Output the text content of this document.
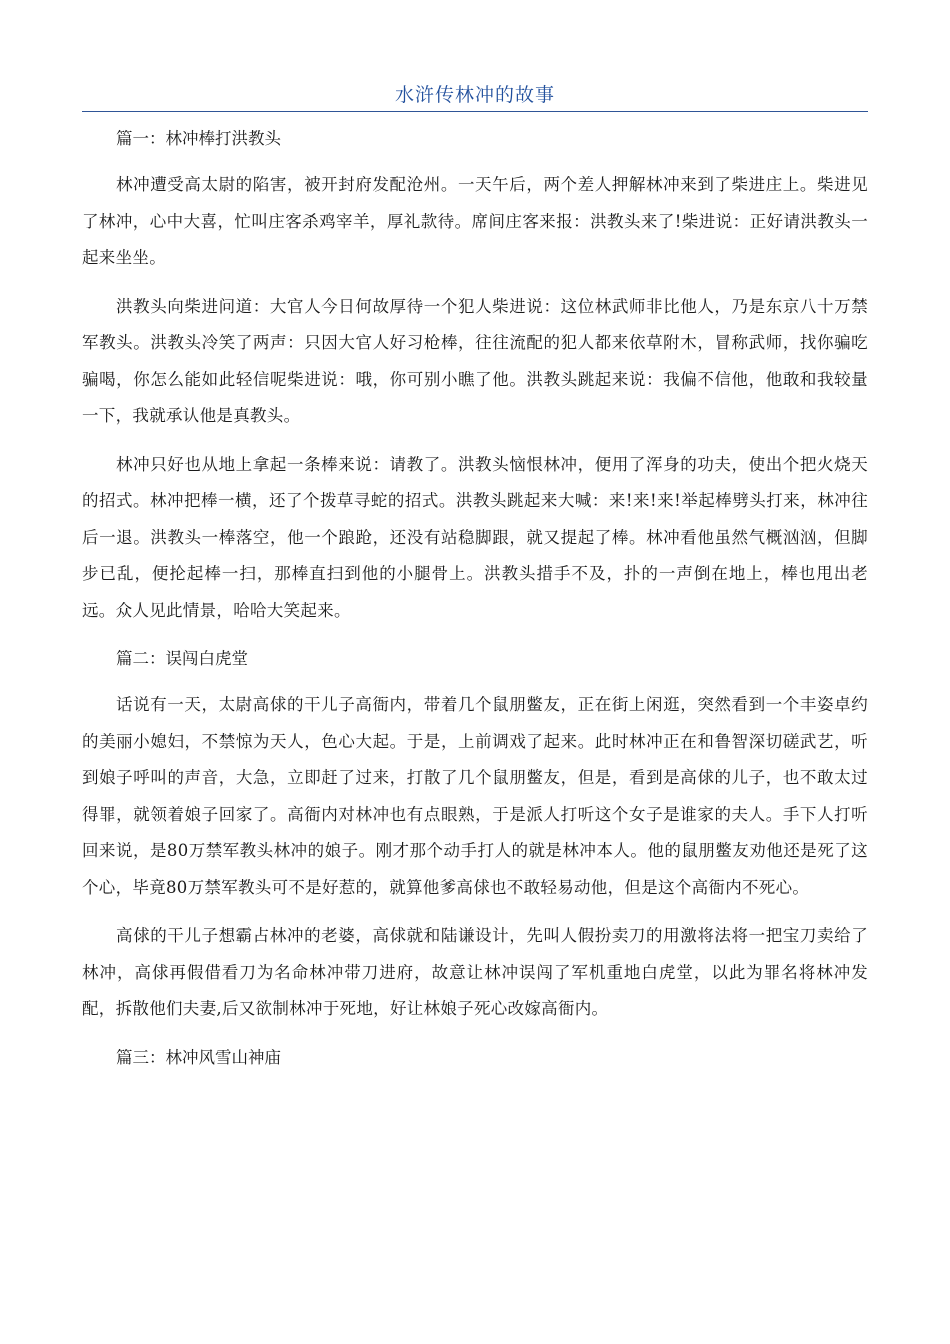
水浒传林冲的故事
篇一：林冲棒打洪教头

林冲遭受高太尉的陷害，被开封府发配沧州。一天午后，两个差人押解林冲来到了柴进庄上。柴进见了林冲，心中大喜，忙叫庄客杀鸡宰羊，厚礼款待。席间庄客来报：洪教头来了!柴进说：正好请洪教头一起来坐坐。

洪教头向柴进问道：大官人今日何故厚待一个犯人柴进说：这位林武师非比他人，乃是东京八十万禁军教头。洪教头冷笑了两声：只因大官人好习枪棒，往往流配的犯人都来依草附木，冒称武师，找你骗吃骗喝，你怎么能如此轻信呢柴进说：哦，你可别小瞧了他。洪教头跳起来说：我偏不信他，他敢和我较量一下，我就承认他是真教头。

林冲只好也从地上拿起一条棒来说：请教了。洪教头恼恨林冲，便用了浑身的功夫，使出个把火烧天的招式。林冲把棒一横，还了个拨草寻蛇的招式。洪教头跳起来大喊：来!来!来!举起棒劈头打来，林冲往后一退。洪教头一棒落空，他一个踉跄，还没有站稳脚跟，就又提起了棒。林冲看他虽然气概汹汹，但脚步已乱，便抡起棒一扫，那棒直扫到他的小腿骨上。洪教头措手不及，扑的一声倒在地上，棒也甩出老远。众人见此情景，哈哈大笑起来。

篇二：误闯白虎堂

话说有一天，太尉高俅的干儿子高衙内，带着几个鼠朋鳖友，正在街上闲逛，突然看到一个丰姿卓约的美丽小媳妇，不禁惊为天人，色心大起。于是，上前调戏了起来。此时林冲正在和鲁智深切磋武艺，听到娘子呼叫的声音，大急，立即赶了过来，打散了几个鼠朋鳖友，但是，看到是高俅的儿子，也不敢太过得罪，就领着娘子回家了。高衙内对林冲也有点眼熟，于是派人打听这个女子是谁家的夫人。手下人打听回来说，是80万禁军教头林冲的娘子。刚才那个动手打人的就是林冲本人。他的鼠朋鳖友劝他还是死了这个心，毕竟80万禁军教头可不是好惹的，就算他爹高俅也不敢轻易动他，但是这个高衙内不死心。

高俅的干儿子想霸占林冲的老婆，高俅就和陆谦设计，先叫人假扮卖刀的用激将法将一把宝刀卖给了林冲，高俅再假借看刀为名命林冲带刀进府，故意让林冲误闯了军机重地白虎堂，以此为罪名将林冲发配，拆散他们夫妻,后又欲制林冲于死地，好让林娘子死心改嫁高衙内。

篇三：林冲风雪山神庙
